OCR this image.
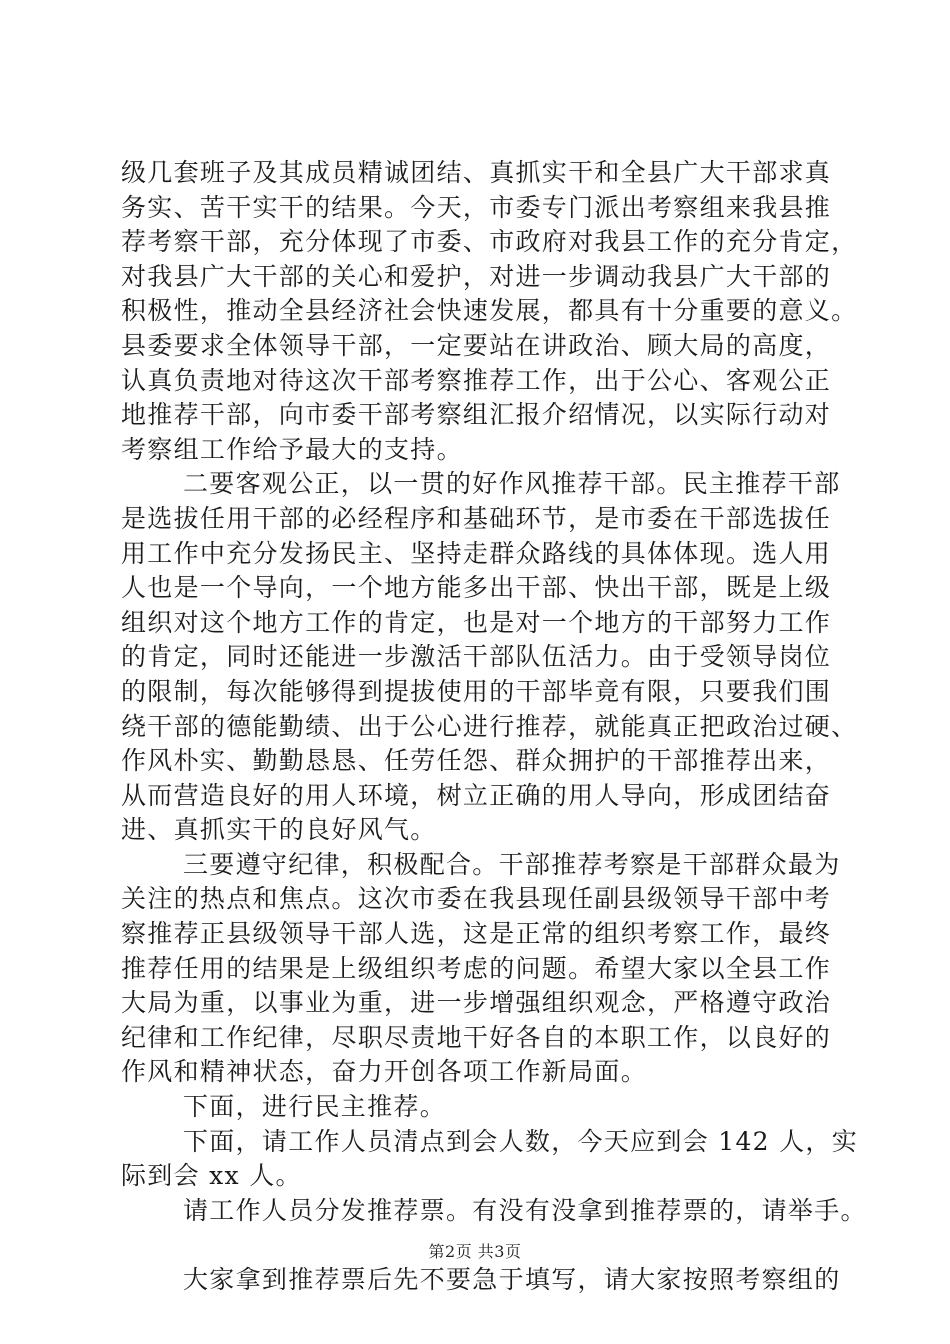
级几套班子及其成员精诚团结、真抓实干和全县广大干部求真
务实、苦干实干的结果。今天，市委专门派出考察组来我县推
荐考察干部，充分体现了市委、市政府对我县工作的充分肯定，
对我县广大干部的关心和爱护，对进一步调动我县广大干部的
积极性，推动全县经济社会快速发展，都具有十分重要的意义。
县委要求全体领导干部，一定要站在讲政治、顾大局的高度，
认真负责地对待这次干部考察推荐工作，出于公心、客观公正
地推荐干部，向市委干部考察组汇报介绍情况，以实际行动对
考察组工作给予最大的支持。
二要客观公正，以一贯的好作风推荐干部。民主推荐干部
是选拔任用干部的必经程序和基础环节，是市委在干部选拔任
用工作中充分发扬民主、坚持走群众路线的具体体现。选人用
人也是一个导向，一个地方能多出干部、快出干部，既是上级
组织对这个地方工作的肯定，也是对一个地方的干部努力工作
的肯定，同时还能进一步激活干部队伍活力。由于受领导岗位
的限制，每次能够得到提拔使用的干部毕竟有限，只要我们围
绕干部的德能勤绩、出于公心进行推荐，就能真正把政治过硬、
作风朴实、勤勤恳恳、任劳任怨、群众拥护的干部推荐出来，
从而营造良好的用人环境，树立正确的用人导向，形成团结奋
进、真抓实干的良好风气。
三要遵守纪律，积极配合。干部推荐考察是干部群众最为
关注的热点和焦点。这次市委在我县现任副县级领导干部中考
察推荐正县级领导干部人选，这是正常的组织考察工作，最终
推荐任用的结果是上级组织考虑的问题。希望大家以全县工作
大局为重，以事业为重，进一步增强组织观念，严格遵守政治
纪律和工作纪律，尽职尽责地干好各自的本职工作，以良好的
作风和精神状态，奋力开创各项工作新局面。
下面，进行民主推荐。
下面，请工作人员清点到会人数，今天应到会 142 人，实
际到会 xx 人。
请工作人员分发推荐票。有没有没拿到推荐票的，请举手。
大家拿到推荐票后先不要急于填写，请大家按照考察组的
第2页 共3页
